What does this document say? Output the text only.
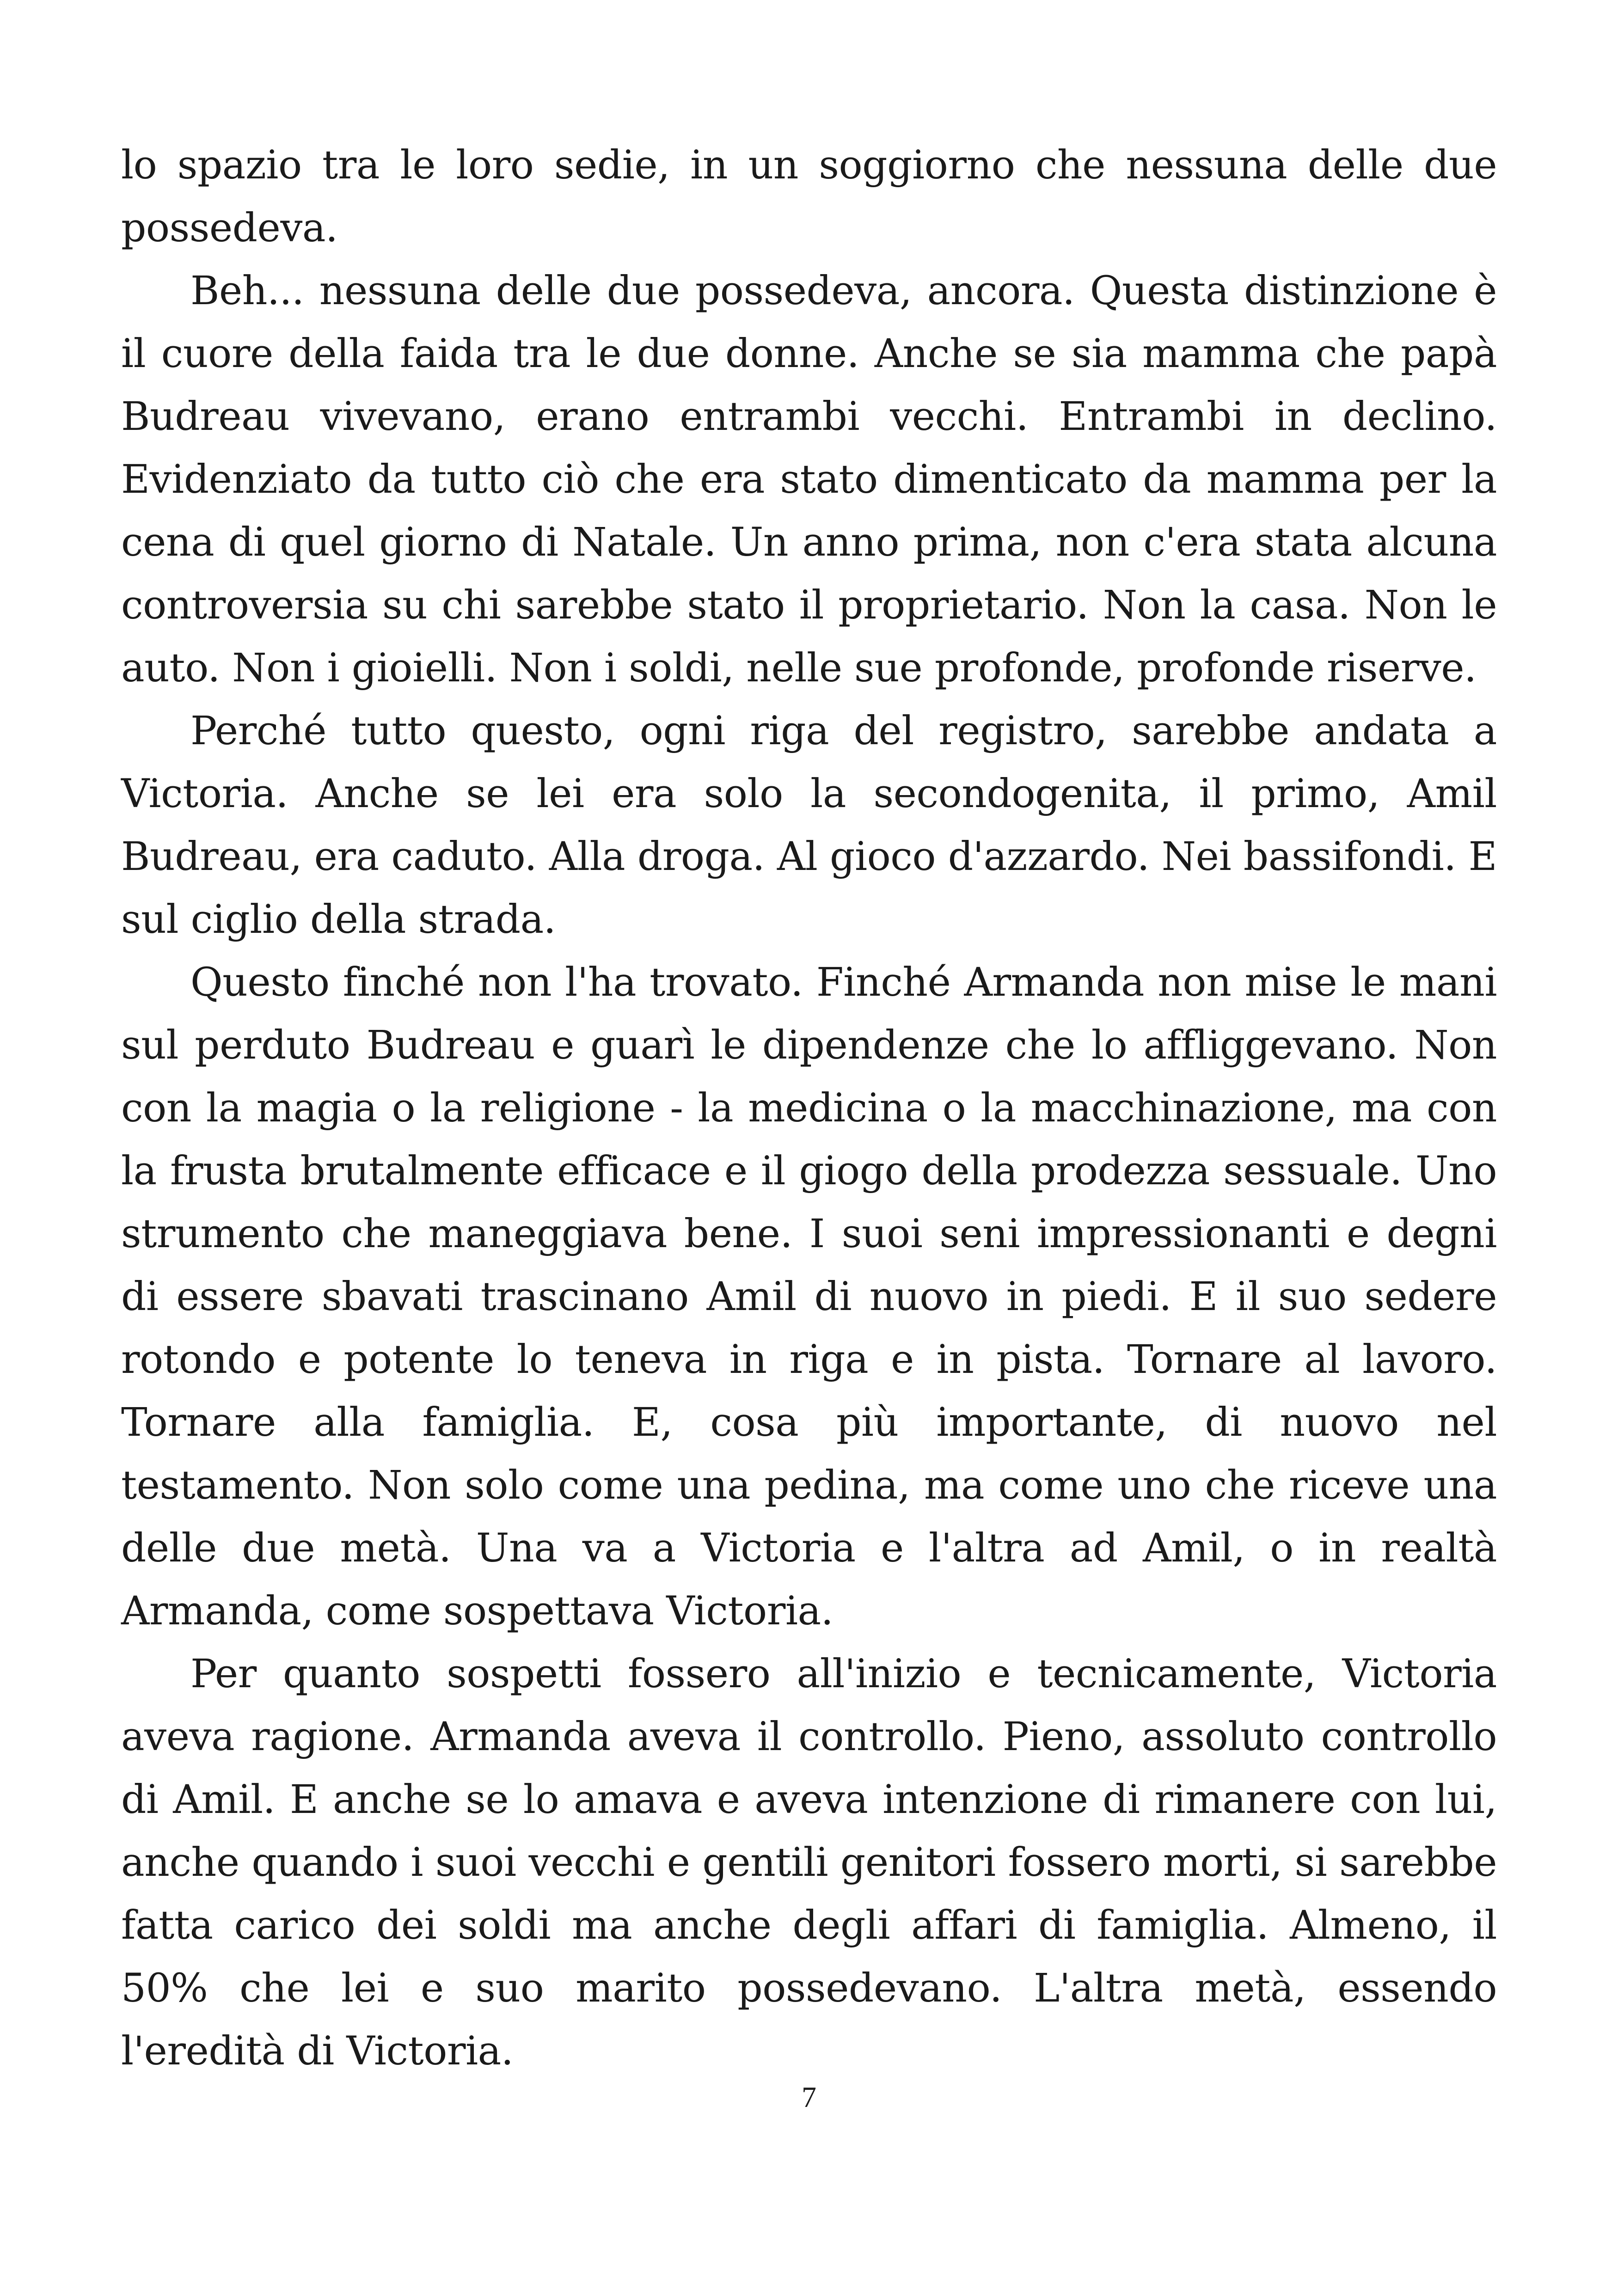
lo spazio tra le loro sedie, in un soggiorno che nessuna delle due possedeva.

Beh... nessuna delle due possedeva, ancora. Questa distinzione è il cuore della faida tra le due donne. Anche se sia mamma che papà Budreau vivevano, erano entrambi vecchi. Entrambi in declino. Evidenziato da tutto ciò che era stato dimenticato da mamma per la cena di quel giorno di Natale. Un anno prima, non c'era stata alcuna controversia su chi sarebbe stato il proprietario. Non la casa. Non le auto. Non i gioielli. Non i soldi, nelle sue profonde, profonde riserve.

Perché tutto questo, ogni riga del registro, sarebbe andata a Victoria. Anche se lei era solo la secondogenita, il primo, Amil Budreau, era caduto. Alla droga. Al gioco d'azzardo. Nei bassifondi. E sul ciglio della strada.

Questo finché non l'ha trovato. Finché Armanda non mise le mani sul perduto Budreau e guarì le dipendenze che lo affliggevano. Non con la magia o la religione - la medicina o la macchinazione, ma con la frusta brutalmente efficace e il giogo della prodezza sessuale. Uno strumento che maneggiava bene. I suoi seni impressionanti e degni di essere sbavati trascinano Amil di nuovo in piedi. E il suo sedere rotondo e potente lo teneva in riga e in pista. Tornare al lavoro. Tornare alla famiglia. E, cosa più importante, di nuovo nel testamento. Non solo come una pedina, ma come uno che riceve una delle due metà. Una va a Victoria e l'altra ad Amil, o in realtà Armanda, come sospettava Victoria.

Per quanto sospetti fossero all'inizio e tecnicamente, Victoria aveva ragione. Armanda aveva il controllo. Pieno, assoluto controllo di Amil. E anche se lo amava e aveva intenzione di rimanere con lui, anche quando i suoi vecchi e gentili genitori fossero morti, si sarebbe fatta carico dei soldi ma anche degli affari di famiglia. Almeno, il 50% che lei e suo marito possedevano. L'altra metà, essendo l'eredità di Victoria.

7
